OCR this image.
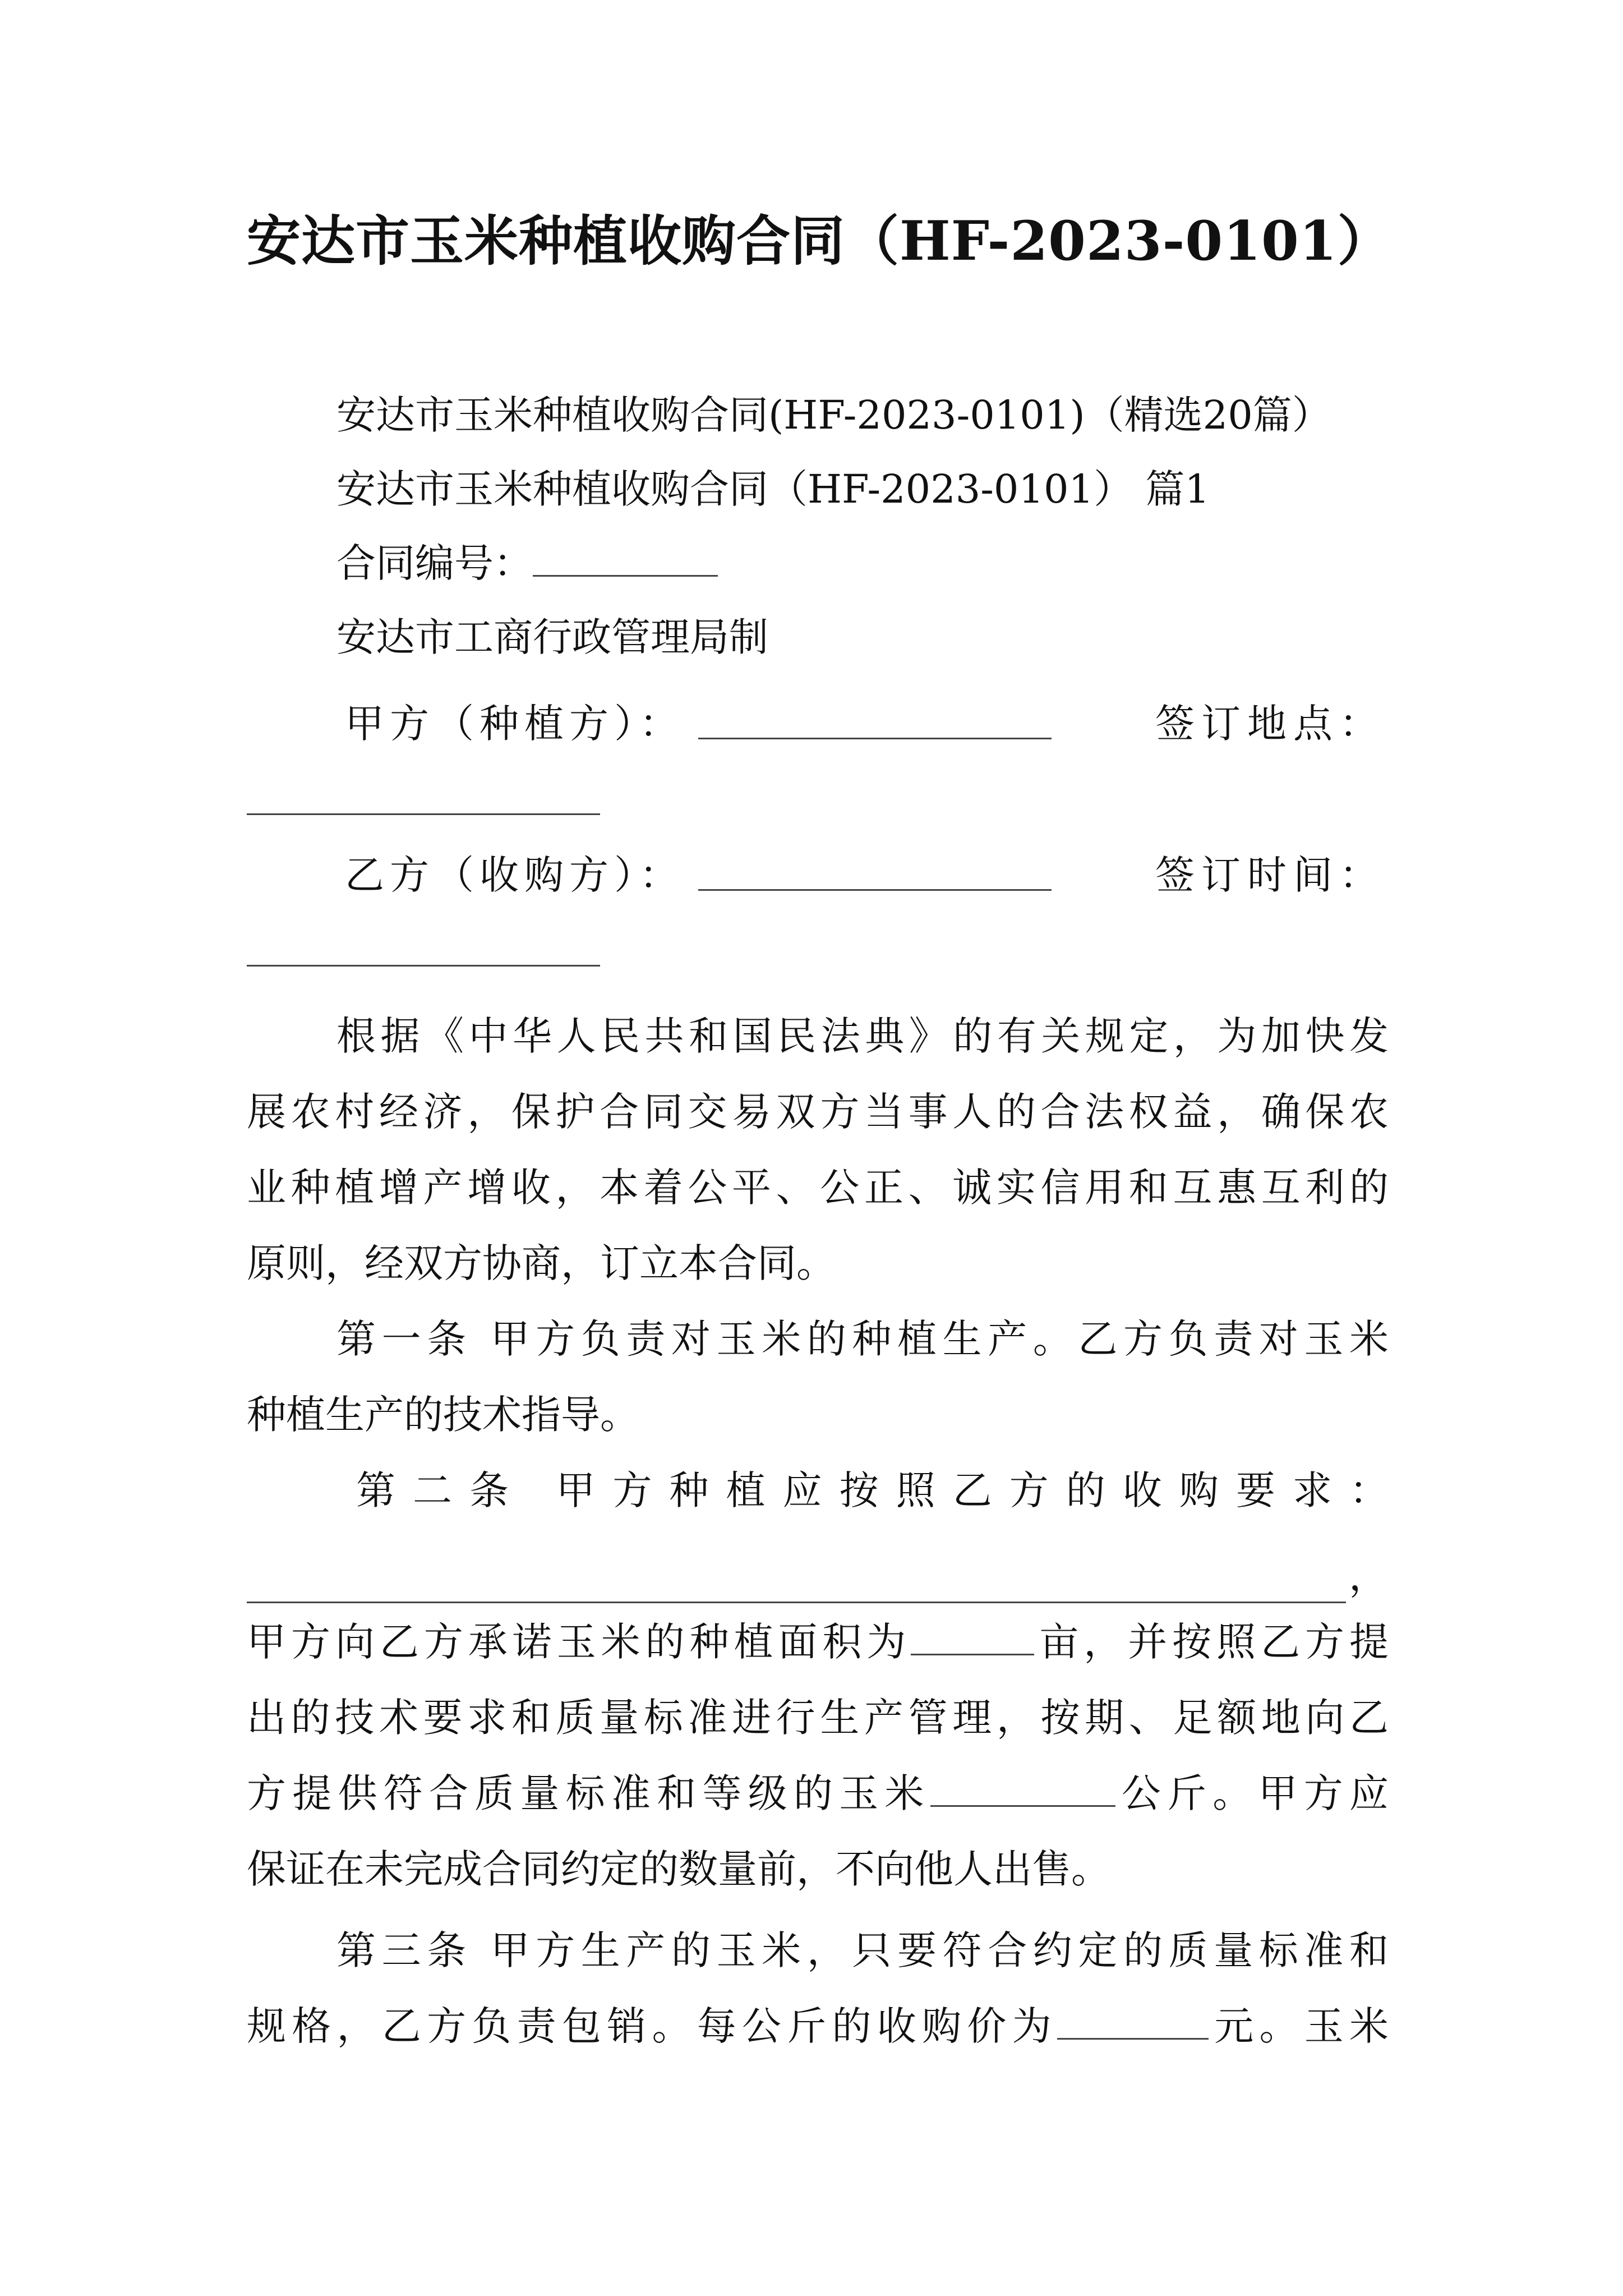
安达市玉米种植收购合同（HF-2023-0101）
安达市玉米种植收购合同(HF-2023-0101)（精选20篇）
安达市玉米种植收购合同（HF-2023-0101） 篇1
合同编号：
安达市工商行政管理局制
甲方（种植方）：	签订地点：
乙方（收购方）：	签订时间：
根据《中华人民共和国民法典》的有关规定，为加快发
展农村经济，保护合同交易双方当事人的合法权益，确保农
业种植增产增收，本着公平、公正、诚实信用和互惠互利的
原则，经双方协商，订立本合同。
第一条 甲方负责对玉米的种植生产。乙方负责对玉米
种植生产的技术指导。
第二条 甲方种植应按照乙方的收购要求：
，
甲方向乙方承诺玉米的种植面积为	亩，并按照乙方提
出的技术要求和质量标准进行生产管理，按期、足额地向乙
方提供符合质量标准和等级的玉米	公斤。甲方应
保证在未完成合同约定的数量前，不向他人出售。
第三条 甲方生产的玉米，只要符合约定的质量标准和
规格，乙方负责包销。每公斤的收购价为	元。玉米
